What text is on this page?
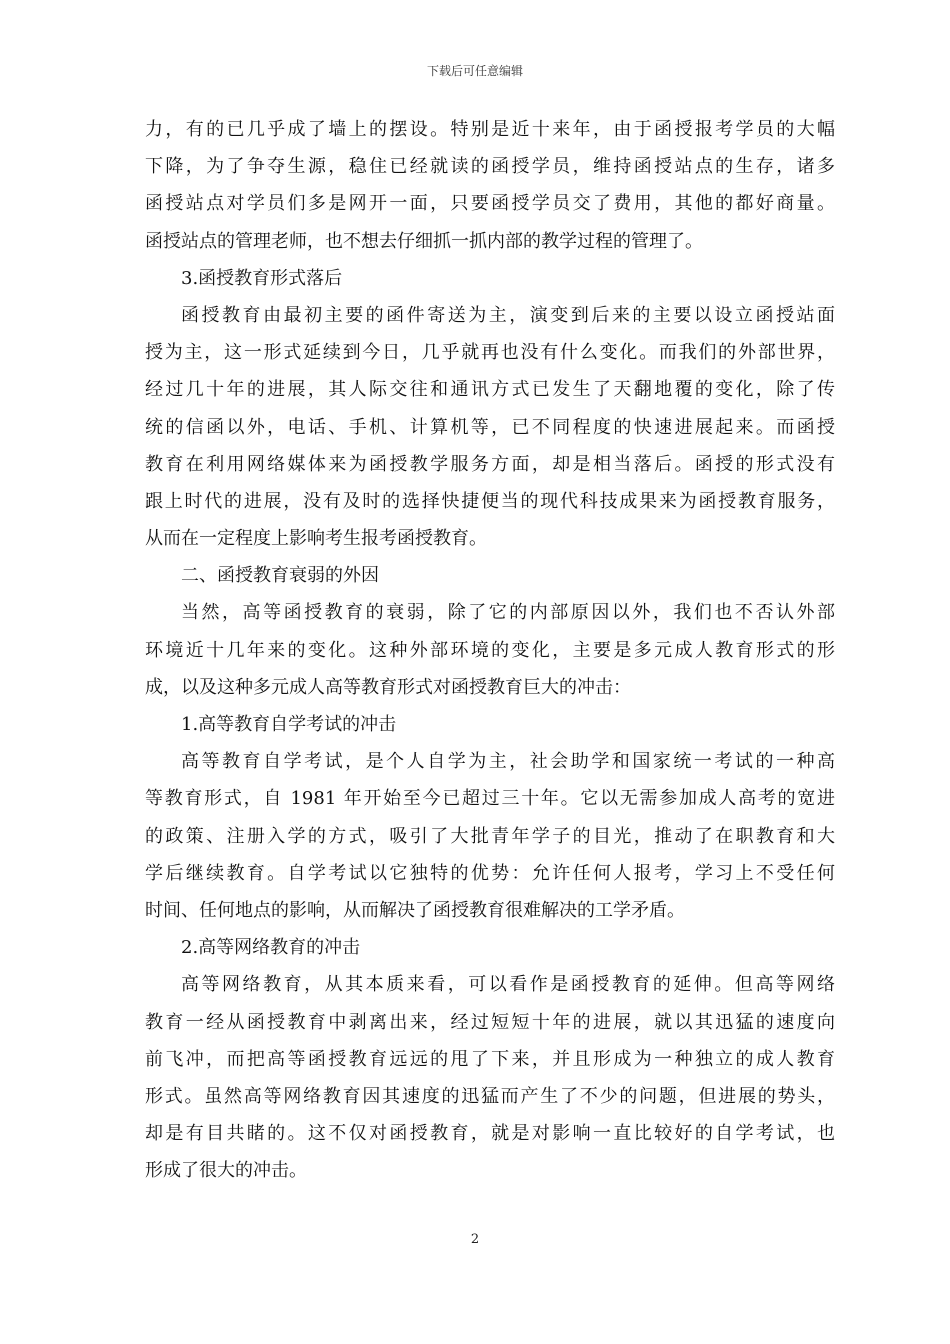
下载后可任意编辑
力，有的已几乎成了墙上的摆设。特别是近十来年，由于函授报考学员的大幅
下降，为了争夺生源，稳住已经就读的函授学员，维持函授站点的生存，诸多
函授站点对学员们多是网开一面，只要函授学员交了费用，其他的都好商量。
函授站点的管理老师，也不想去仔细抓一抓内部的教学过程的管理了。
3.函授教育形式落后
函授教育由最初主要的函件寄送为主，演变到后来的主要以设立函授站面
授为主，这一形式延续到今日，几乎就再也没有什么变化。而我们的外部世界，
经过几十年的进展，其人际交往和通讯方式已发生了天翻地覆的变化，除了传
统的信函以外，电话、手机、计算机等，已不同程度的快速进展起来。而函授
教育在利用网络媒体来为函授教学服务方面，却是相当落后。函授的形式没有
跟上时代的进展，没有及时的选择快捷便当的现代科技成果来为函授教育服务，
从而在一定程度上影响考生报考函授教育。
二、函授教育衰弱的外因
当然，高等函授教育的衰弱，除了它的内部原因以外，我们也不否认外部
环境近十几年来的变化。这种外部环境的变化，主要是多元成人教育形式的形
成，以及这种多元成人高等教育形式对函授教育巨大的冲击：
1.高等教育自学考试的冲击
高等教育自学考试，是个人自学为主，社会助学和国家统一考试的一种高
等教育形式，自 1981 年开始至今已超过三十年。它以无需参加成人高考的宽进
的政策、注册入学的方式，吸引了大批青年学子的目光，推动了在职教育和大
学后继续教育。自学考试以它独特的优势：允许任何人报考，学习上不受任何
时间、任何地点的影响，从而解决了函授教育很难解决的工学矛盾。
2.高等网络教育的冲击
高等网络教育，从其本质来看，可以看作是函授教育的延伸。但高等网络
教育一经从函授教育中剥离出来，经过短短十年的进展，就以其迅猛的速度向
前飞冲，而把高等函授教育远远的甩了下来，并且形成为一种独立的成人教育
形式。虽然高等网络教育因其速度的迅猛而产生了不少的问题，但进展的势头，
却是有目共睹的。这不仅对函授教育，就是对影响一直比较好的自学考试，也
形成了很大的冲击。
2
